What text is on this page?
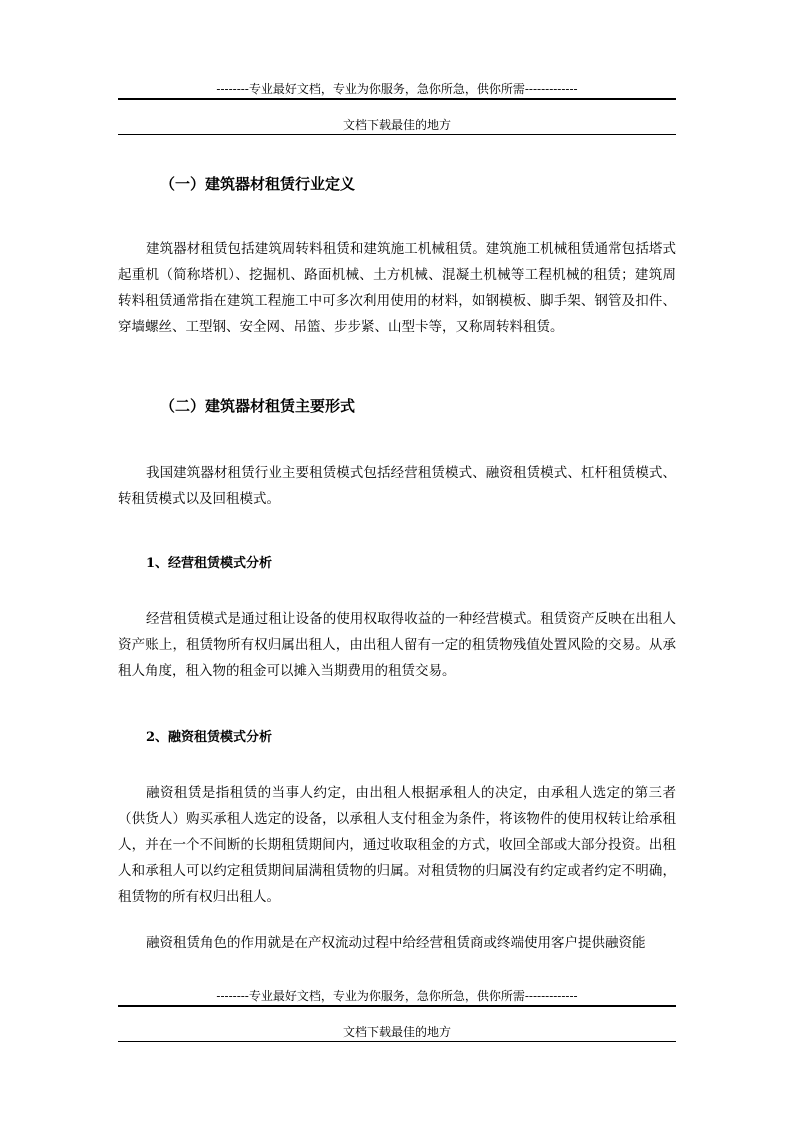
--------专业最好文档，专业为你服务，急你所急，供你所需-------------
文档下载最佳的地方
（一）建筑器材租赁行业定义

建筑器材租赁包括建筑周转料租赁和建筑施工机械租赁。建筑施工机械租赁通常包括塔式起重机（简称塔机）、挖掘机、路面机械、土方机械、混凝土机械等工程机械的租赁；建筑周转料租赁通常指在建筑工程施工中可多次利用使用的材料，如钢模板、脚手架、钢管及扣件、穿墙螺丝、工型钢、安全网、吊篮、步步紧、山型卡等，又称周转料租赁。

（二）建筑器材租赁主要形式

我国建筑器材租赁行业主要租赁模式包括经营租赁模式、融资租赁模式、杠杆租赁模式、转租赁模式以及回租模式。

1、经营租赁模式分析

经营租赁模式是通过租让设备的使用权取得收益的一种经营模式。租赁资产反映在出租人资产账上，租赁物所有权归属出租人，由出租人留有一定的租赁物残值处置风险的交易。从承租人角度，租入物的租金可以摊入当期费用的租赁交易。

2、融资租赁模式分析

融资租赁是指租赁的当事人约定，由出租人根据承租人的决定，由承租人选定的第三者（供货人）购买承租人选定的设备，以承租人支付租金为条件，将该物件的使用权转让给承租人，并在一个不间断的长期租赁期间内，通过收取租金的方式，收回全部或大部分投资。出租人和承租人可以约定租赁期间届满租赁物的归属。对租赁物的归属没有约定或者约定不明确，租赁物的所有权归出租人。

融资租赁角色的作用就是在产权流动过程中给经营租赁商或终端使用客户提供融资能

--------专业最好文档，专业为你服务，急你所急，供你所需-------------
文档下载最佳的地方
